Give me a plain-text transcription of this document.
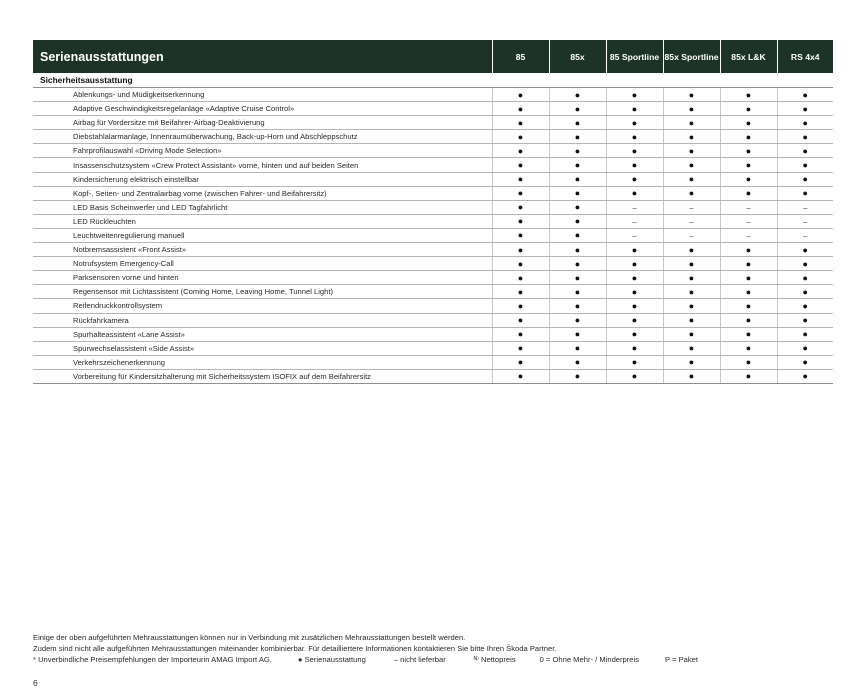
Serienausstattungen	85	85x	85 Sportline	85x Sportline	85x L&K	RS 4x4
Sicherheitsausstattung						
Ablenkungs- und Müdigkeitserkennung	●	●	●	●	●	●
Adaptive Geschwindigkeitsregelanlage «Adaptive Cruise Control»	●	●	●	●	●	●
Airbag für Vordersitze mit Beifahrer-Airbag-Deaktivierung	●	●	●	●	●	●
Diebstahlalarmanlage, Innenraumüberwachung, Back-up-Horn und Abschleppschutz	●	●	●	●	●	●
Fahrprofilauswahl «Driving Mode Selection»	●	●	●	●	●	●
Insassenschutzsystem «Crew Protect Assistant» vorne, hinten und auf beiden Seiten	●	●	●	●	●	●
Kindersicherung elektrisch einstellbar	●	●	●	●	●	●
Kopf-, Seiten- und Zentralairbag vorne (zwischen Fahrer- und Beifahrersitz)	●	●	●	●	●	●
LED Basis Scheinwerfer und LED Tagfahrlicht	●	●	–	–	–	–
LED Rückleuchten	●	●	–	–	–	–
Leuchtweitenregulierung manuell	●	●	–	–	–	–
Notbremsassistent «Front Assist»	●	●	●	●	●	●
Notrufsystem Emergency-Call	●	●	●	●	●	●
Parksensoren vorne und hinten	●	●	●	●	●	●
Regensensor mit Lichtassistent (Coming Home, Leaving Home, Tunnel Light)	●	●	●	●	●	●
Reifendruckkontrollsystem	●	●	●	●	●	●
Rückfahrkamera	●	●	●	●	●	●
Spurhalteassistent «Lane Assist»	●	●	●	●	●	●
Spurwechselassistent «Side Assist»	●	●	●	●	●	●
Verkehrszeichenerkennung	●	●	●	●	●	●
Vorbereitung für Kindersitzhalterung mit Sicherheitssystem ISOFIX auf dem Beifahrersitz	●	●	●	●	●	●
Einige der oben aufgeführten Mehrausstattungen können nur in Verbindung mit zusätzlichen Mehrausstattungen bestellt werden.
Zudem sind nicht alle aufgeführten Mehrausstattungen miteinander kombinierbar. Für detailliertere Informationen kontaktieren Sie bitte Ihren Škoda Partner.
* Unverbindliche Preisempfehlungen der Importeurin AMAG Import AG.	● Serienausstattung	– nicht lieferbar	ᴺ⁾ Nettopreis	0 = Ohne Mehr- / Minderpreis	P = Paket
6
